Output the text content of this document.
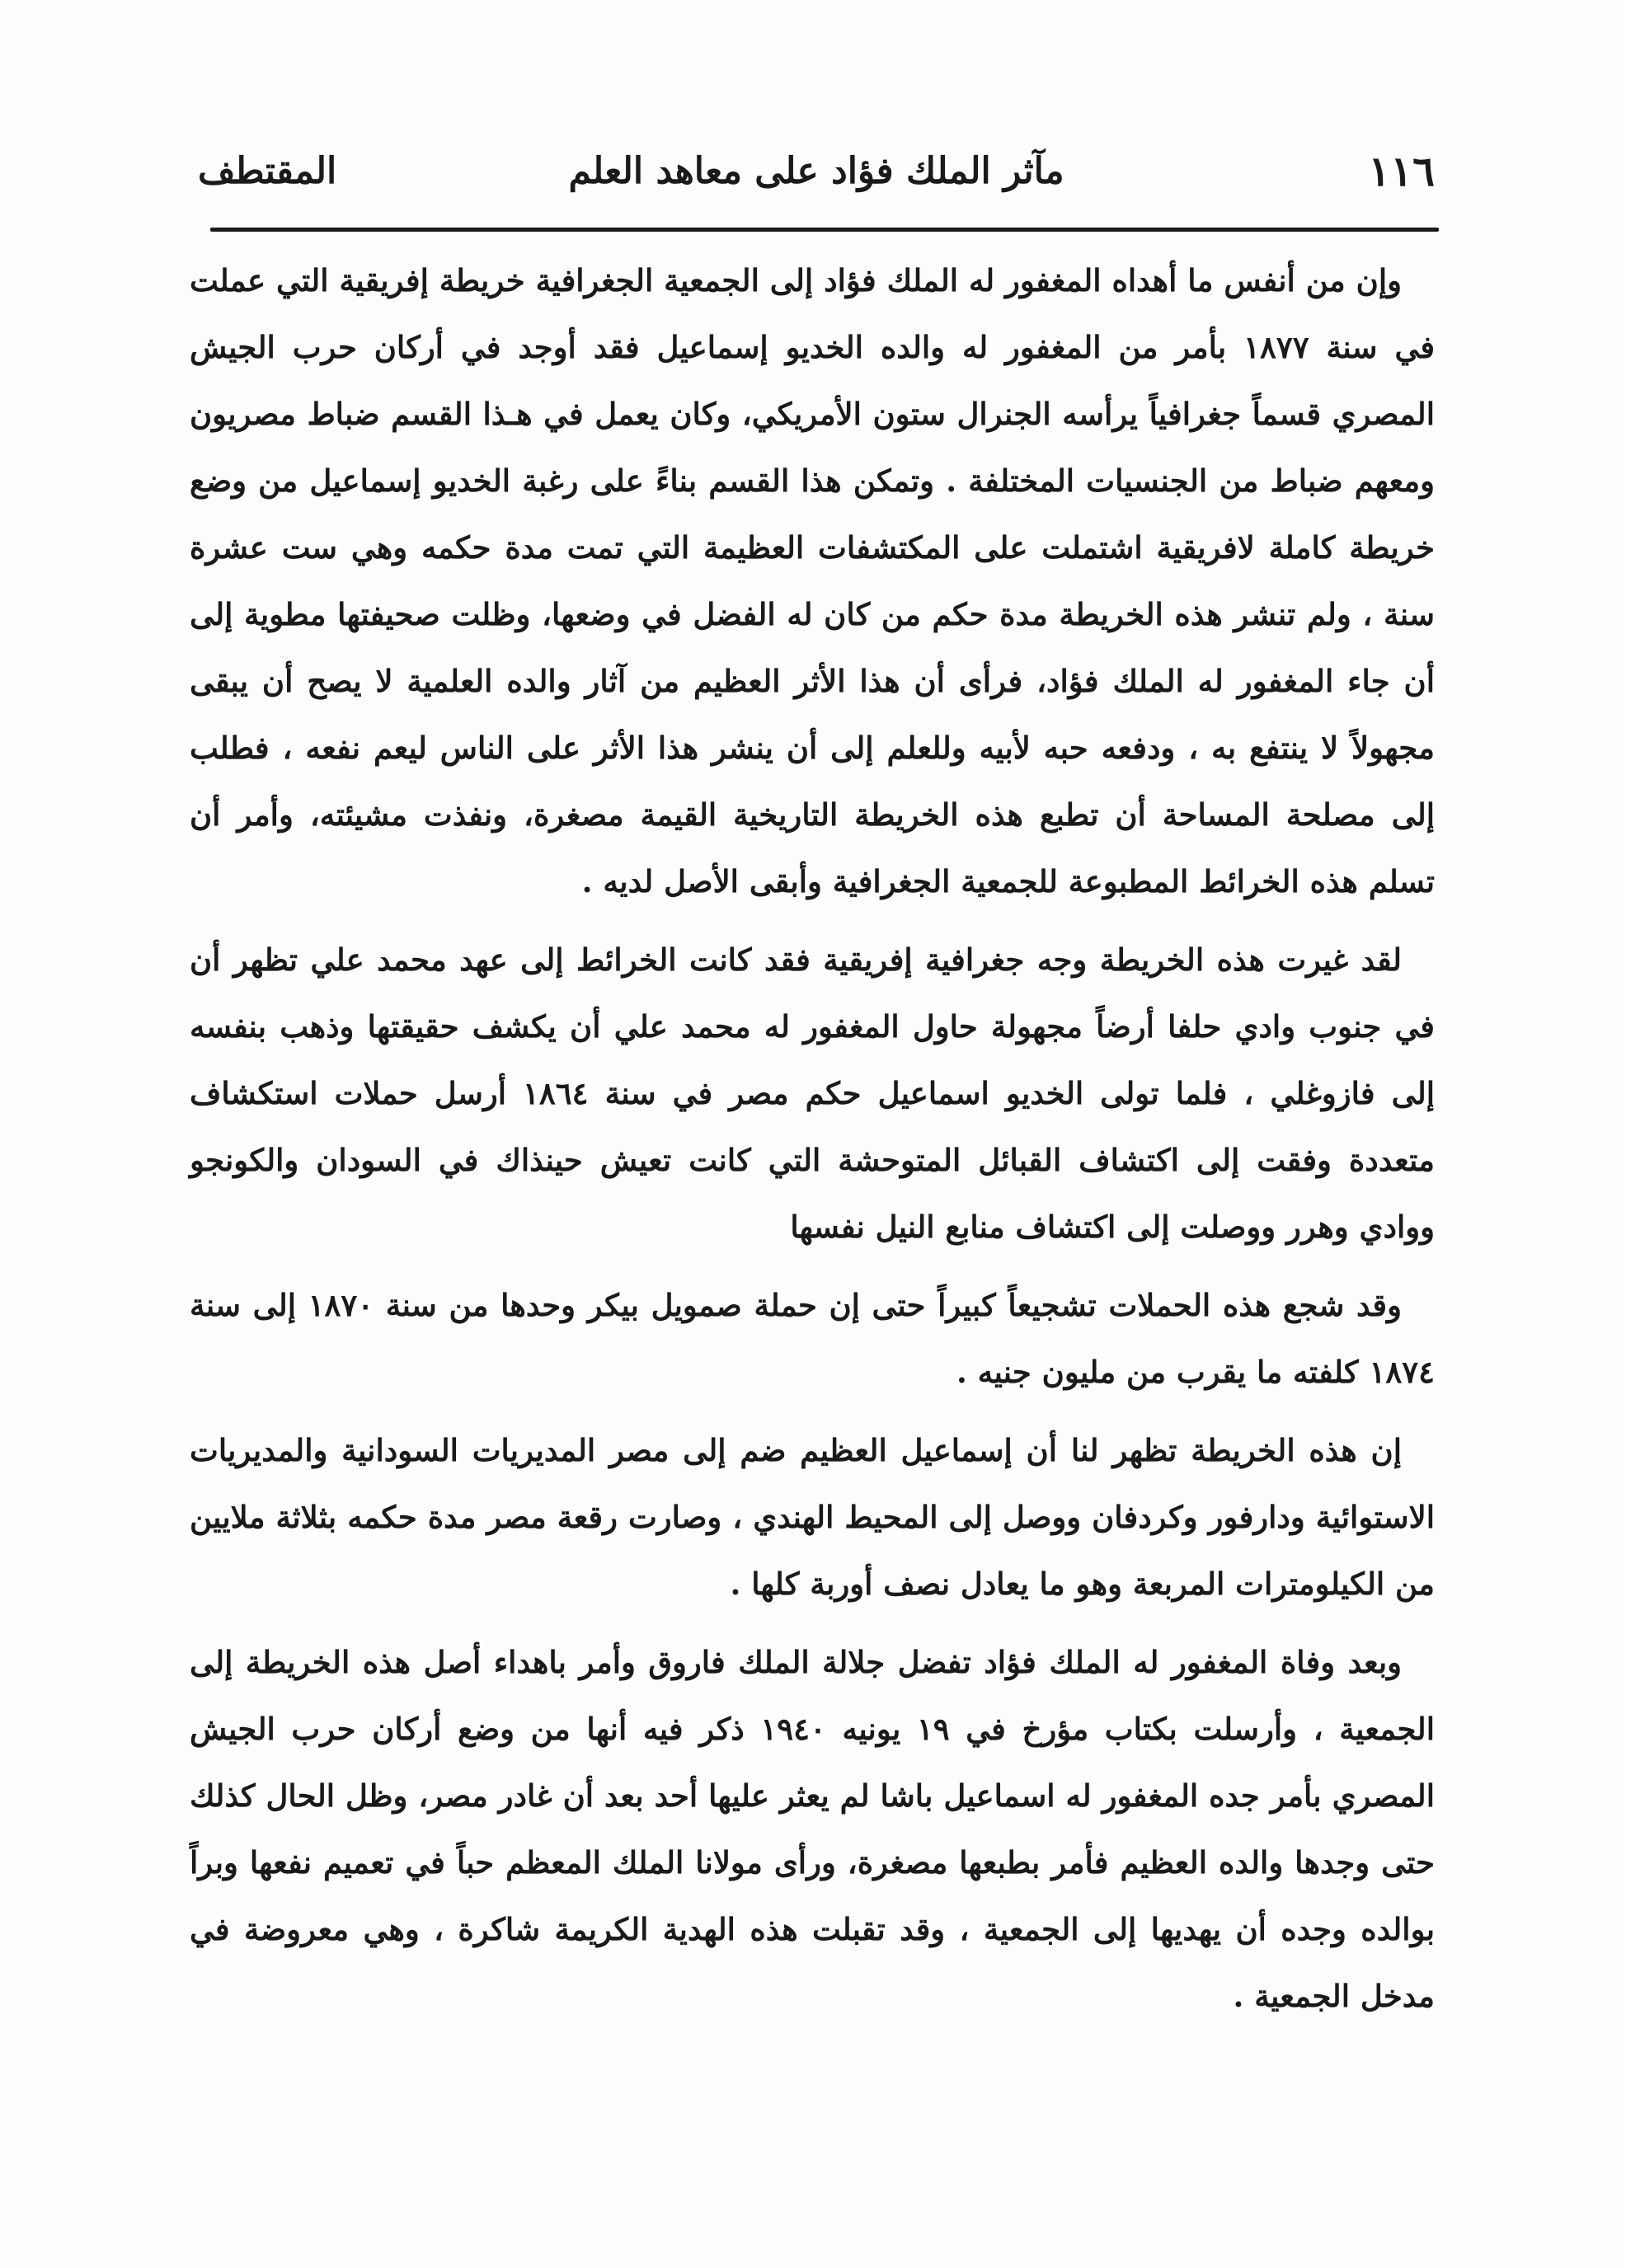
١١٦
مآثر الملك فؤاد على معاهد العلم
المقتطف

وإن من أنفس ما أهداه المغفور له الملك فؤاد إلى الجمعية الجغرافية خريطة إفريقية التي عملت في سنة ١٨٧٧ بأمر من المغفور له والده الخديو إسماعيل فقد أوجد في أركان حرب الجيش المصري قسماً جغرافياً يرأسه الجنرال ستون الأمريكي، وكان يعمل في هـذا القسم ضباط مصريون ومعهم ضباط من الجنسيات المختلفة . وتمكن هذا القسم بناءً على رغبة الخديو إسماعيل من وضع خريطة كاملة لافريقية اشتملت على المكتشفات العظيمة التي تمت مدة حكمه وهي ست عشرة سنة ، ولم تنشر هذه الخريطة مدة حكم من كان له الفضل في وضعها، وظلت صحيفتها مطوية إلى أن جاء المغفور له الملك فؤاد، فرأى أن هذا الأثر العظيم من آثار والده العلمية لا يصح أن يبقى مجهولاً لا ينتفع به ، ودفعه حبه لأبيه وللعلم إلى أن ينشر هذا الأثر على الناس ليعم نفعه ، فطلب إلى مصلحة المساحة أن تطبع هذه الخريطة التاريخية القيمة مصغرة، ونفذت مشيئته، وأمر أن تسلم هذه الخرائط المطبوعة للجمعية الجغرافية وأبقى الأصل لديه .

لقد غيرت هذه الخريطة وجه جغرافية إفريقية فقد كانت الخرائط إلى عهد محمد علي تظهر أن في جنوب وادي حلفا أرضاً مجهولة حاول المغفور له محمد علي أن يكشف حقيقتها وذهب بنفسه إلى فازوغلي ، فلما تولى الخديو اسماعيل حكم مصر في سنة ١٨٦٤ أرسل حملات استكشاف متعددة وفقت إلى اكتشاف القبائل المتوحشة التي كانت تعيش حينذاك في السودان والكونجو ووادي وهرر ووصلت إلى اكتشاف منابع النيل نفسها

وقد شجع هذه الحملات تشجيعاً كبيراً حتى إن حملة صمويل بيكر وحدها من سنة ١٨٧٠ إلى سنة ١٨٧٤ كلفته ما يقرب من مليون جنيه .

إن هذه الخريطة تظهر لنا أن إسماعيل العظيم ضم إلى مصر المديريات السودانية والمديريات الاستوائية ودارفور وكردفان ووصل إلى المحيط الهندي ، وصارت رقعة مصر مدة حكمه بثلاثة ملايين من الكيلومترات المربعة وهو ما يعادل نصف أوربة كلها .

وبعد وفاة المغفور له الملك فؤاد تفضل جلالة الملك فاروق وأمر باهداء أصل هذه الخريطة إلى الجمعية ، وأرسلت بكتاب مؤرخ في ١٩ يونيه ١٩٤٠ ذكر فيه أنها من وضع أركان حرب الجيش المصري بأمر جده المغفور له اسماعيل باشا لم يعثر عليها أحد بعد أن غادر مصر، وظل الحال كذلك حتى وجدها والده العظيم فأمر بطبعها مصغرة، ورأى مولانا الملك المعظم حباً في تعميم نفعها وبراً بوالده وجده أن يهديها إلى الجمعية ، وقد تقبلت هذه الهدية الكريمة شاكرة ، وهي معروضة في مدخل الجمعية .
